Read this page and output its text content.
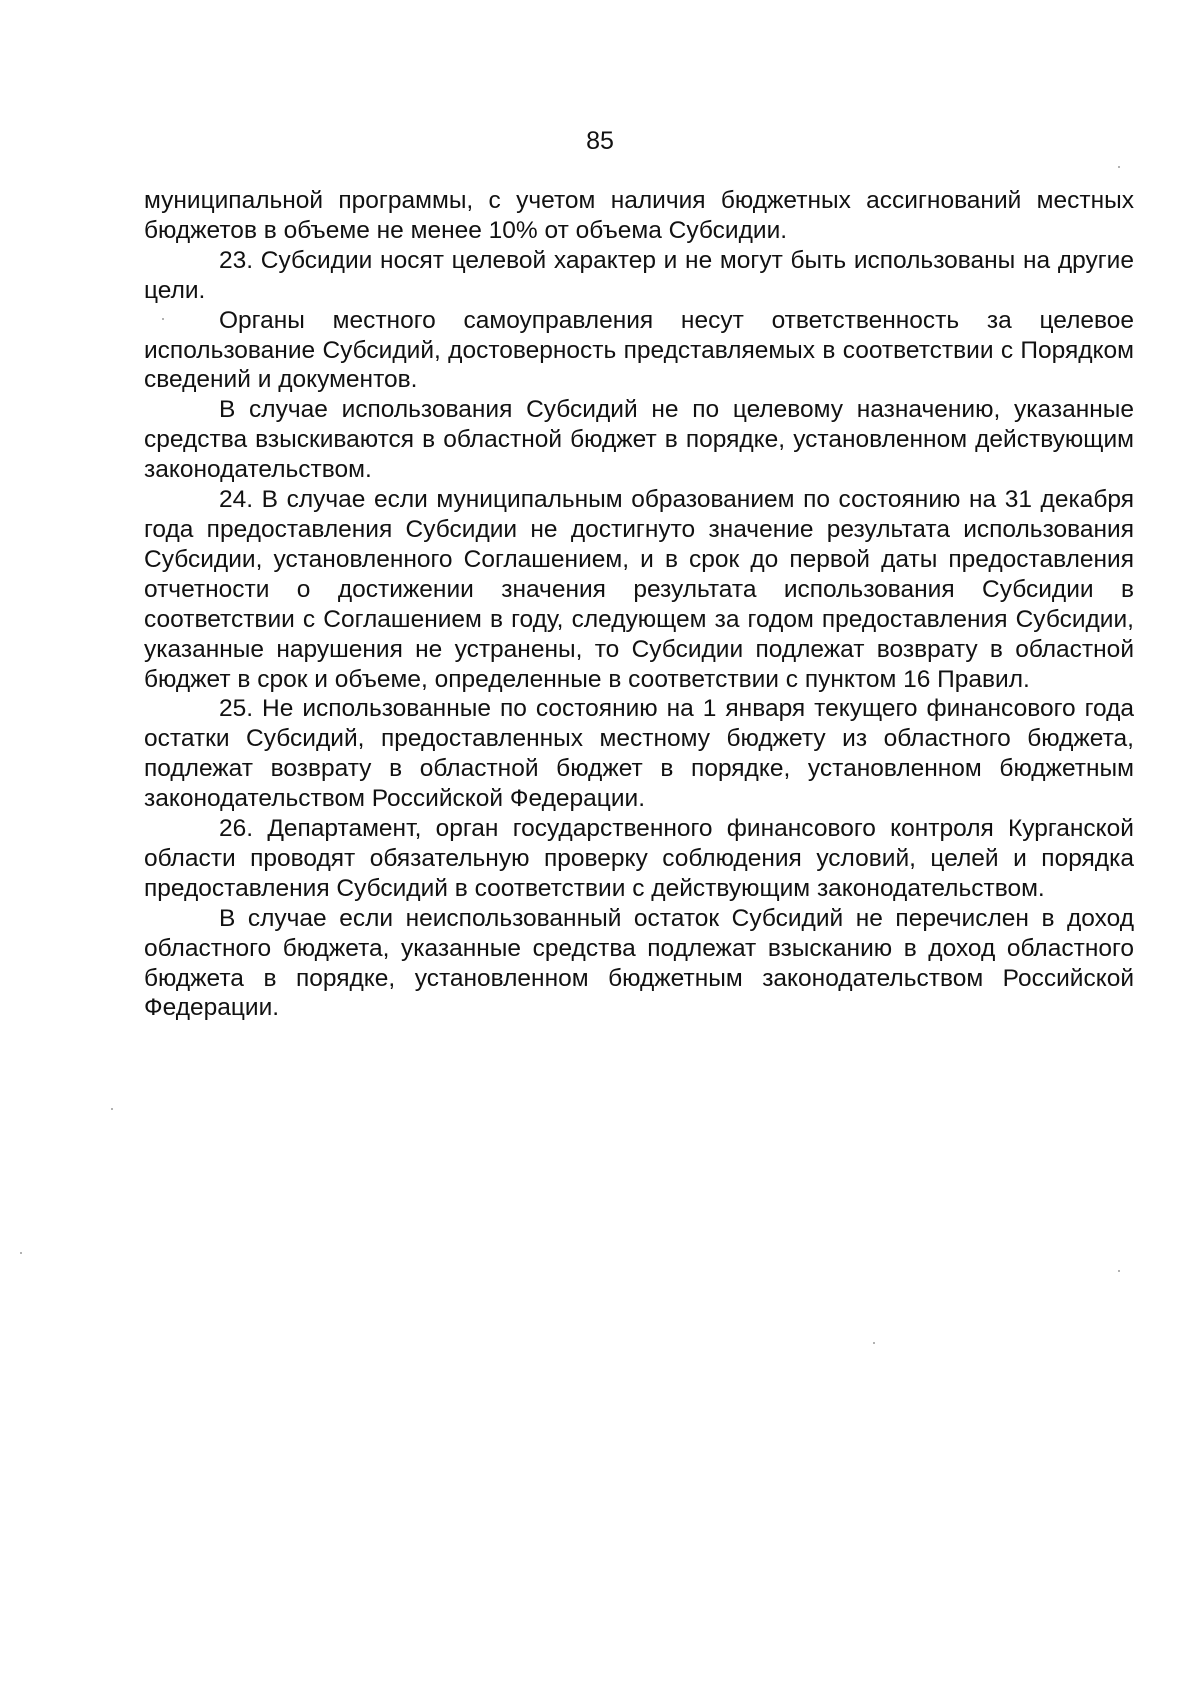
85

муниципальной программы, с учетом наличия бюджетных ассигнований местных бюджетов в объеме не менее 10% от объема Субсидии.

23. Субсидии носят целевой характер и не могут быть использованы на другие цели.

Органы местного самоуправления несут ответственность за целевое использование Субсидий, достоверность представляемых в соответствии с Порядком сведений и документов.

В случае использования Субсидий не по целевому назначению, указанные средства взыскиваются в областной бюджет в порядке, установленном действующим законодательством.

24. В случае если муниципальным образованием по состоянию на 31 декабря года предоставления Субсидии не достигнуто значение результата использования Субсидии, установленного Соглашением, и в срок до первой даты предоставления отчетности о достижении значения результата использования Субсидии в соответствии с Соглашением в году, следующем за годом предоставления Субсидии, указанные нарушения не устранены, то Субсидии подлежат возврату в областной бюджет в срок и объеме, определенные в соответствии с пунктом 16 Правил.

25. Не использованные по состоянию на 1 января текущего финансового года остатки Субсидий, предоставленных местному бюджету из областного бюджета, подлежат возврату в областной бюджет в порядке, установленном бюджетным законодательством Российской Федерации.

26. Департамент, орган государственного финансового контроля Курганской области проводят обязательную проверку соблюдения условий, целей и порядка предоставления Субсидий в соответствии с действующим законодательством.

В случае если неиспользованный остаток Субсидий не перечислен в доход областного бюджета, указанные средства подлежат взысканию в доход областного бюджета в порядке, установленном бюджетным законодательством Российской Федерации.
